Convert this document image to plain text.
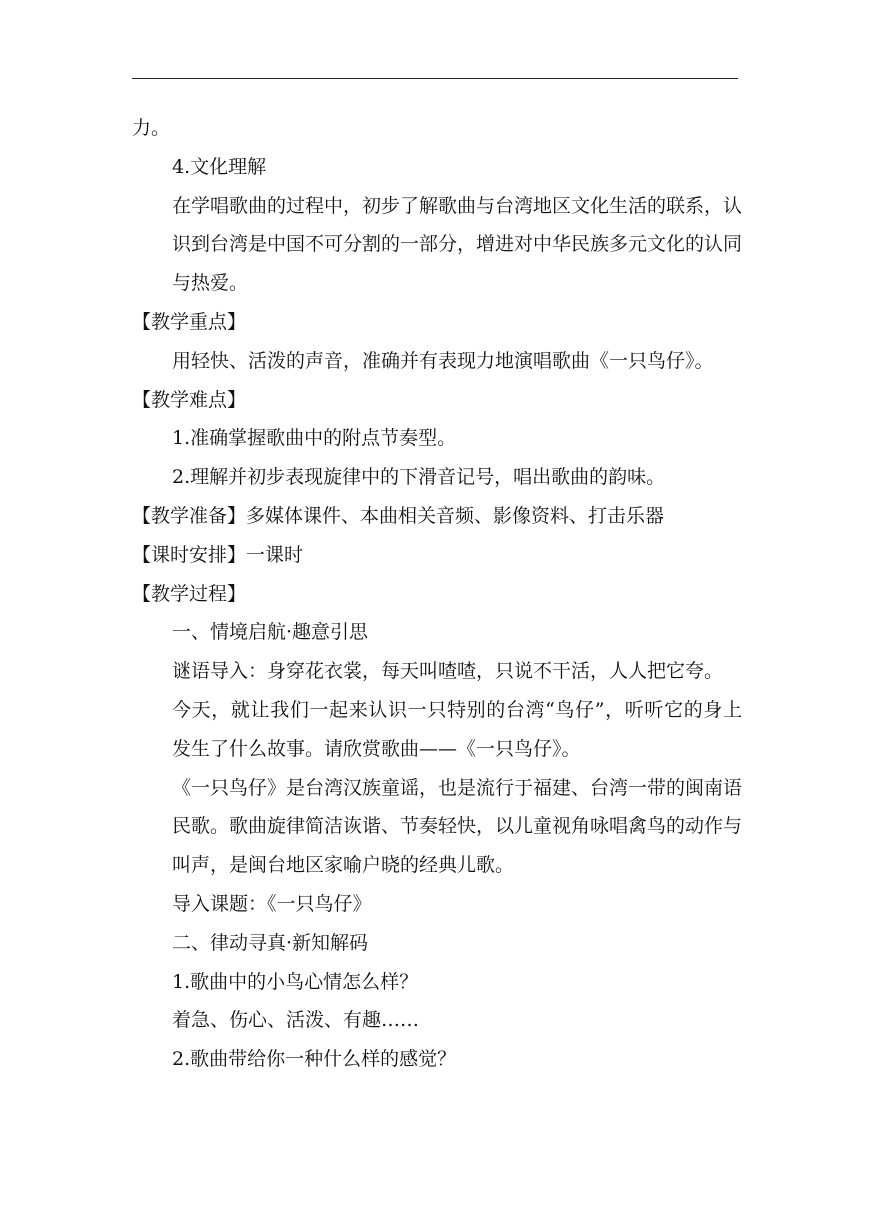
力。

4.文化理解

在学唱歌曲的过程中，初步了解歌曲与台湾地区文化生活的联系，认识到台湾是中国不可分割的一部分，增进对中华民族多元文化的认同与热爱。

【教学重点】

用轻快、活泼的声音，准确并有表现力地演唱歌曲《一只鸟仔》。

【教学难点】

1.准确掌握歌曲中的附点节奏型。

2.理解并初步表现旋律中的下滑音记号，唱出歌曲的韵味。

【教学准备】多媒体课件、本曲相关音频、影像资料、打击乐器

【课时安排】一课时

【教学过程】

一、情境启航·趣意引思

谜语导入：身穿花衣裳，每天叫喳喳，只说不干活，人人把它夸。

今天，就让我们一起来认识一只特别的台湾“鸟仔”，听听它的身上发生了什么故事。请欣赏歌曲——《一只鸟仔》。

《一只鸟仔》是台湾汉族童谣，也是流行于福建、台湾一带的闽南语民歌。歌曲旋律简洁诙谐、节奏轻快，以儿童视角咏唱禽鸟的动作与叫声，是闽台地区家喻户晓的经典儿歌。

导入课题：《一只鸟仔》

二、律动寻真·新知解码

1.歌曲中的小鸟心情怎么样？

着急、伤心、活泼、有趣……

2.歌曲带给你一种什么样的感觉？
